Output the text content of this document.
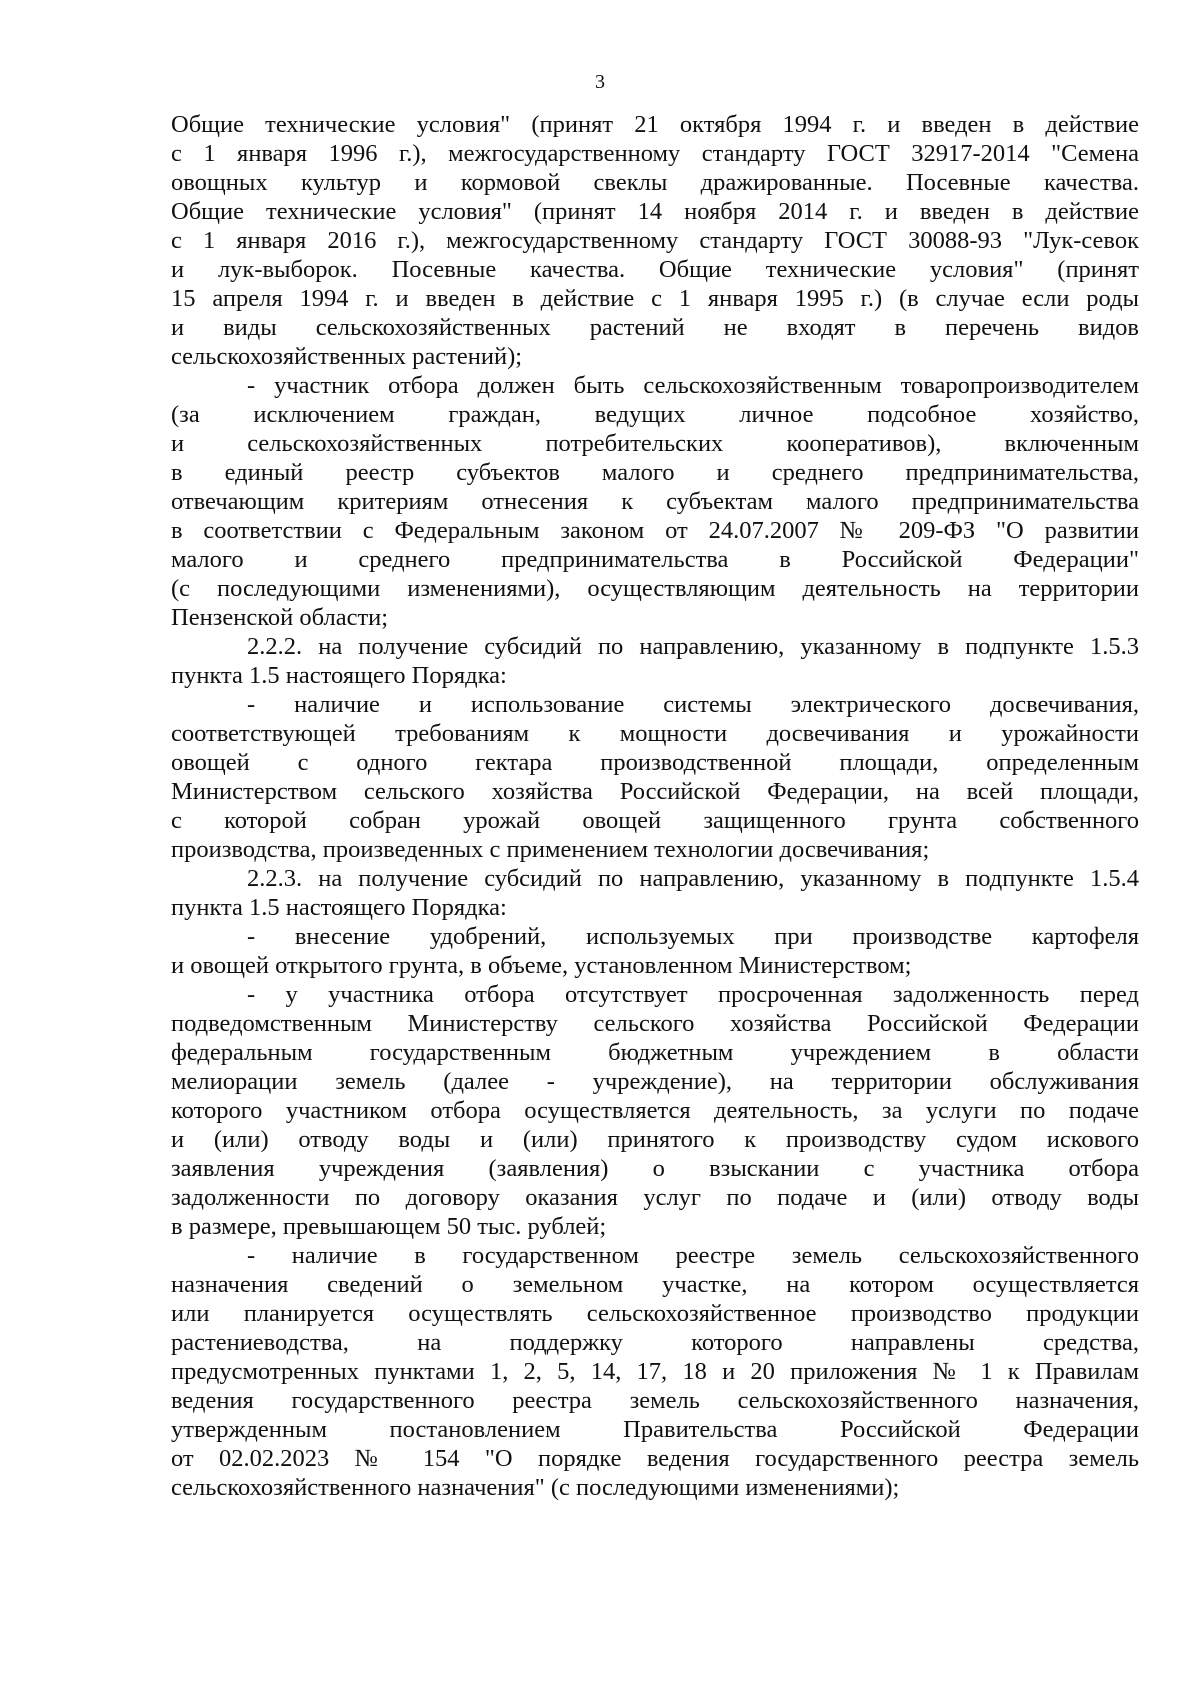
3
Общие технические условия" (принят 21 октября 1994 г. и введен в действие
с 1 января 1996 г.), межгосударственному стандарту ГОСТ 32917-2014 "Семена
овощных культур и кормовой свеклы дражированные. Посевные качества.
Общие технические условия" (принят 14 ноября 2014 г. и введен в действие
с 1 января 2016 г.), межгосударственному стандарту ГОСТ 30088-93 "Лук-севок
и лук-выборок. Посевные качества. Общие технические условия" (принят
15 апреля 1994 г. и введен в действие с 1 января 1995 г.) (в случае если роды
и виды сельскохозяйственных растений не входят в перечень видов
сельскохозяйственных растений);
- участник отбора должен быть сельскохозяйственным товаропроизводителем
(за исключением граждан, ведущих личное подсобное хозяйство,
и сельскохозяйственных потребительских кооперативов), включенным
в единый реестр субъектов малого и среднего предпринимательства,
отвечающим критериям отнесения к субъектам малого предпринимательства
в соответствии с Федеральным законом от 24.07.2007 № 209-ФЗ "О развитии
малого и среднего предпринимательства в Российской Федерации"
(с последующими изменениями), осуществляющим деятельность на территории
Пензенской области;
2.2.2. на получение субсидий по направлению, указанному в подпункте 1.5.3
пункта 1.5 настоящего Порядка:
- наличие и использование системы электрического досвечивания,
соответствующей требованиям к мощности досвечивания и урожайности
овощей с одного гектара производственной площади, определенным
Министерством сельского хозяйства Российской Федерации, на всей площади,
с которой собран урожай овощей защищенного грунта собственного
производства, произведенных с применением технологии досвечивания;
2.2.3. на получение субсидий по направлению, указанному в подпункте 1.5.4
пункта 1.5 настоящего Порядка:
- внесение удобрений, используемых при производстве картофеля
и овощей открытого грунта, в объеме, установленном Министерством;
- у участника отбора отсутствует просроченная задолженность перед
подведомственным Министерству сельского хозяйства Российской Федерации
федеральным государственным бюджетным учреждением в области
мелиорации земель (далее - учреждение), на территории обслуживания
которого участником отбора осуществляется деятельность, за услуги по подаче
и (или) отводу воды и (или) принятого к производству судом искового
заявления учреждения (заявления) о взыскании с участника отбора
задолженности по договору оказания услуг по подаче и (или) отводу воды
в размере, превышающем 50 тыс. рублей;
- наличие в государственном реестре земель сельскохозяйственного
назначения сведений о земельном участке, на котором осуществляется
или планируется осуществлять сельскохозяйственное производство продукции
растениеводства, на поддержку которого направлены средства,
предусмотренных пунктами 1, 2, 5, 14, 17, 18 и 20 приложения № 1 к Правилам
ведения государственного реестра земель сельскохозяйственного назначения,
утвержденным постановлением Правительства Российской Федерации
от 02.02.2023 № 154 "О порядке ведения государственного реестра земель
сельскохозяйственного назначения" (с последующими изменениями);
